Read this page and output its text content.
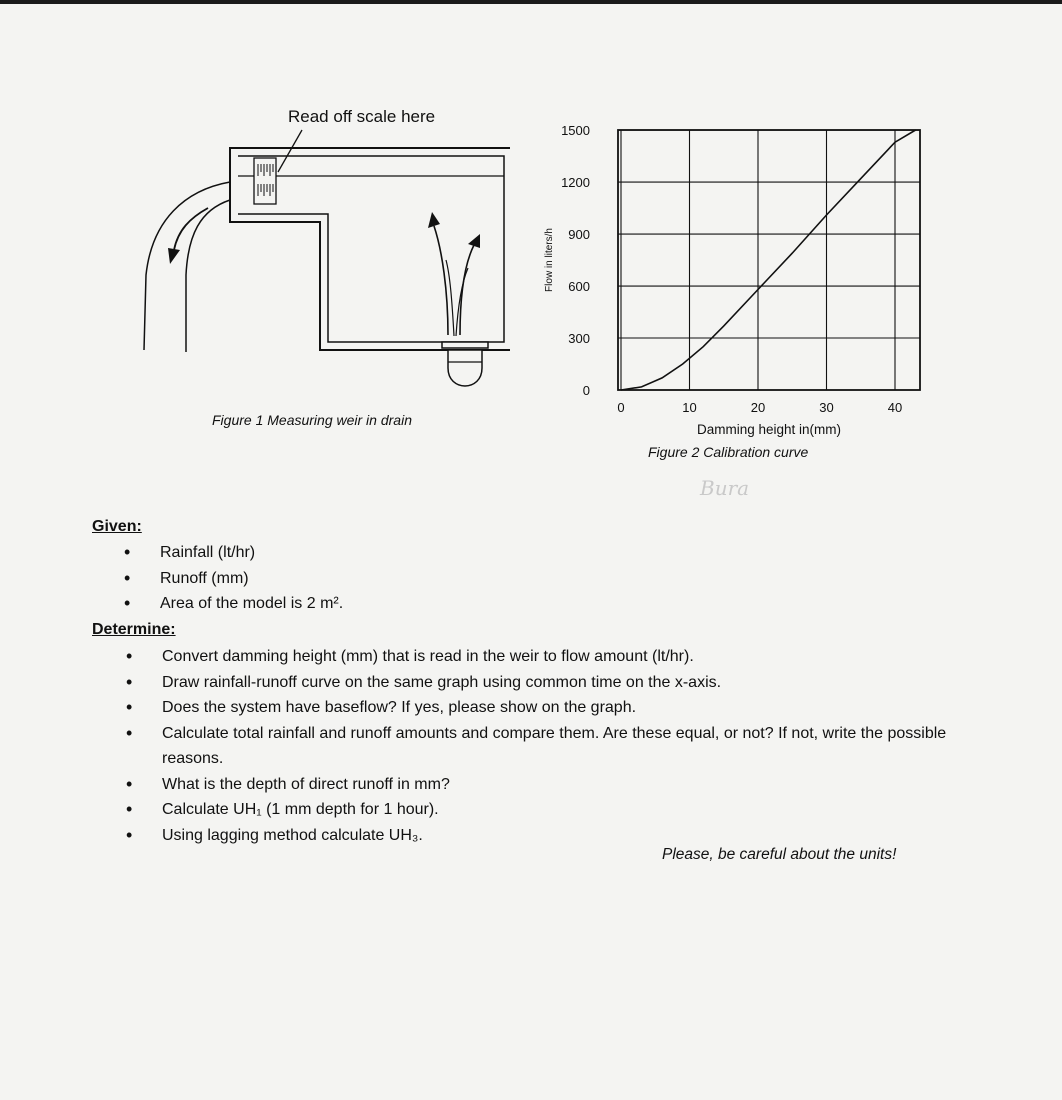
Read off scale here
Figure 1 Measuring weir in drain
0	10	20	30	40
0
300
600
900
1200
1500
Flow in liters/h
Damming height in(mm)
Figure 2 Calibration curve
Bura
Given:
• Rainfall (lt/hr)
• Runoff (mm)
• Area of the model is 2 m².
Determine:
• Convert damming height (mm) that is read in the weir to flow amount (lt/hr).
• Draw rainfall-runoff curve on the same graph using common time on the x-axis.
• Does the system have baseflow? If yes, please show on the graph.
• Calculate total rainfall and runoff amounts and compare them. Are these equal, or not? If not, write the possible reasons.
• What is the depth of direct runoff in mm?
• Calculate UH₁ (1 mm depth for 1 hour).
• Using lagging method calculate UH₃.
Please, be careful about the units!
